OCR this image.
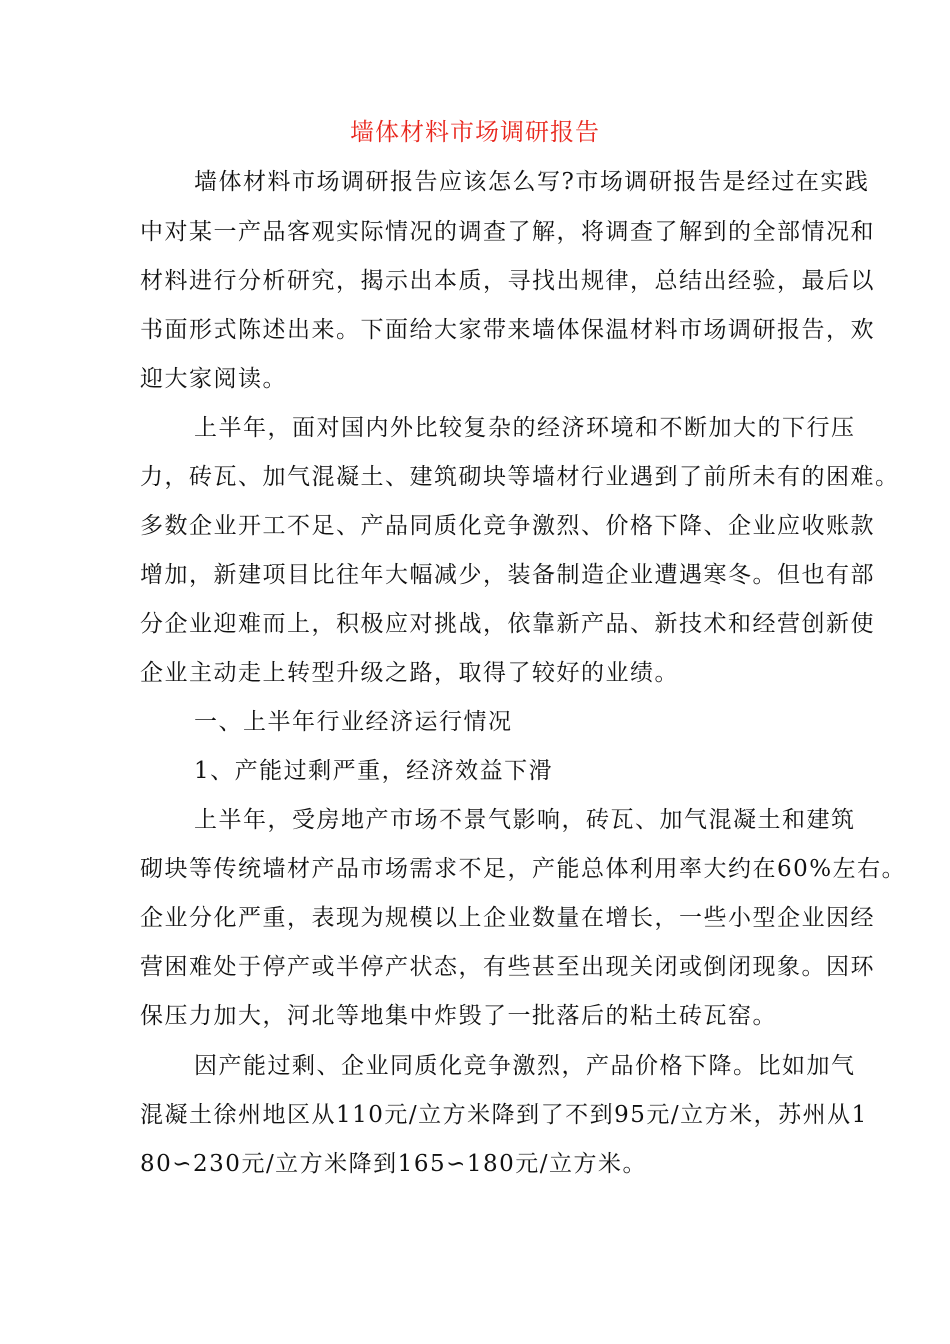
墙体材料市场调研报告
墙体材料市场调研报告应该怎么写?市场调研报告是经过在实践
中对某一产品客观实际情况的调查了解，将调查了解到的全部情况和
材料进行分析研究，揭示出本质，寻找出规律，总结出经验，最后以
书面形式陈述出来。下面给大家带来墙体保温材料市场调研报告，欢
迎大家阅读。
上半年，面对国内外比较复杂的经济环境和不断加大的下行压
力，砖瓦、加气混凝土、建筑砌块等墙材行业遇到了前所未有的困难。
多数企业开工不足、产品同质化竞争激烈、价格下降、企业应收账款
增加，新建项目比往年大幅减少，装备制造企业遭遇寒冬。但也有部
分企业迎难而上，积极应对挑战，依靠新产品、新技术和经营创新使
企业主动走上转型升级之路，取得了较好的业绩。
一、上半年行业经济运行情况
1、产能过剩严重，经济效益下滑
上半年，受房地产市场不景气影响，砖瓦、加气混凝土和建筑
砌块等传统墙材产品市场需求不足，产能总体利用率大约在60%左右。
企业分化严重，表现为规模以上企业数量在增长，一些小型企业因经
营困难处于停产或半停产状态，有些甚至出现关闭或倒闭现象。因环
保压力加大，河北等地集中炸毁了一批落后的粘土砖瓦窑。
因产能过剩、企业同质化竞争激烈，产品价格下降。比如加气
混凝土徐州地区从110元/立方米降到了不到95元/立方米，苏州从1
80∽230元/立方米降到165∽180元/立方米。
